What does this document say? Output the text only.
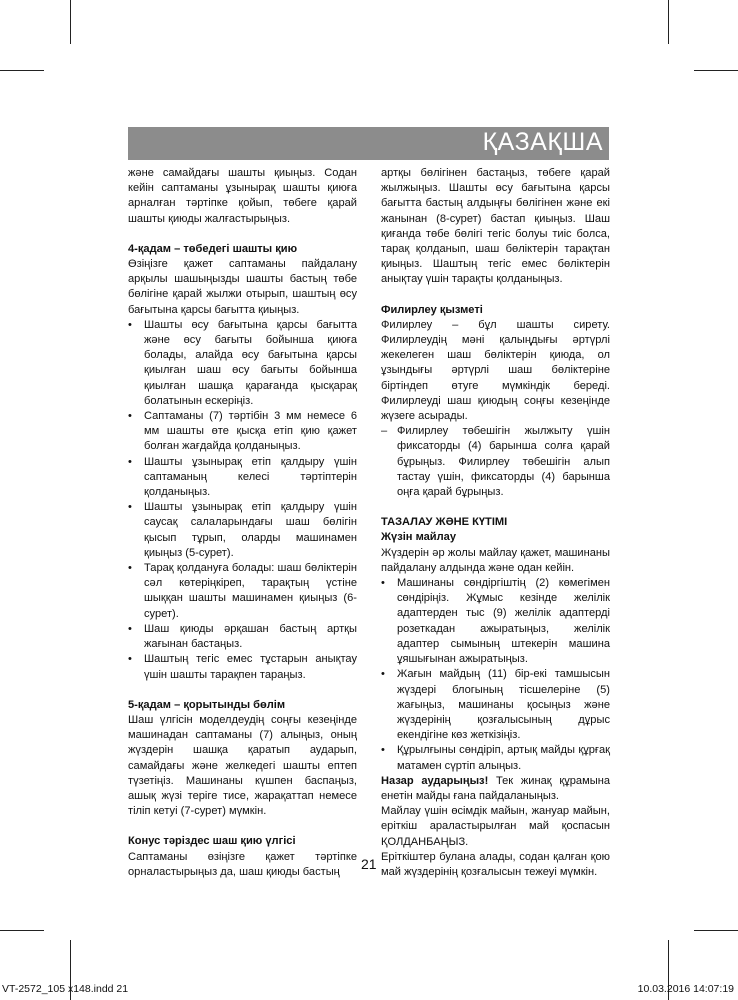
ҚАЗАҚША

және самайдағы шашты қиыңыз. Содан кейін саптаманы ұзынырақ шашты қиюға арналған тәртіпке қойып, төбеге қарай шашты қиюды жалғастырыңыз.

4-қадам – төбедегі шашты қию

Өзіңізге қажет саптаманы пайдалану арқылы шашыңызды шашты бастың төбе бөлігіне қарай жылжи отырып, шаштың өсу бағытына қарсы бағытта қиыңыз.

• Шашты өсу бағытына қарсы бағытта және өсу бағыты бойынша қиюға болады, алайда өсу бағытына қарсы қиылған шаш өсу бағыты бойынша қиылған шашқа қарағанда қысқарақ болатынын ескеріңіз.
• Саптаманы (7) тәртібін 3 мм немесе 6 мм шашты өте қысқа етіп қию қажет болған жағдайда қолданыңыз.
• Шашты ұзынырақ етіп қалдыру үшін саптаманың келесі тәртіптерін қолданыңыз.
• Шашты ұзынырақ етіп қалдыру үшін саусақ салаларындағы шаш бөлігін қысып тұрып, оларды машинамен қиыңыз (5-сурет).
• Тарақ қолдануға болады: шаш бөліктерін сәл көтеріңкіреп, тарақтың үстіне шыққан шашты машинамен қиыңыз (6-сурет).
• Шаш қиюды әрқашан бастың артқы жағынан бастаңыз.
• Шаштың тегіс емес тұстарын анықтау үшін шашты тарақпен тараңыз.

5-қадам – қорытынды бөлім

Шаш үлгісін моделдеудің соңғы кезеңінде машинадан саптаманы (7) алыңыз, оның жүздерін шашқа қаратып аударып, самайдағы және желкедегі шашты ептеп түзетіңіз. Машинаны күшпен баспаңыз, ашық жүзі теріге тисе, жарақаттап немесе тіліп кетуі (7-сурет) мүмкін.

Конус тәріздес шаш қию үлгісі

Саптаманы өзіңізге қажет тәртіпке орналастырыңыз да, шаш қиюды бастың

артқы бөлігінен бастаңыз, төбеге қарай жылжыңыз. Шашты өсу бағытына қарсы бағытта бастың алдыңғы бөлігінен және екі жанынан (8-сурет) бастап қиыңыз. Шаш қиғанда төбе бөлігі тегіс болуы тиіс болса, тарақ қолданып, шаш бөліктерін тарақтан қиыңыз. Шаштың тегіс емес бөліктерін анықтау үшін тарақты қолданыңыз.

Филирлеу қызметі

Филирлеу – бұл шашты сирету. Филирлеудің мәні қалыңдығы әртүрлі жекелеген шаш бөліктерін қиюда, ол ұзындығы әртүрлі шаш бөліктеріне біртіндеп өтуге мүмкіндік береді. Филирлеуді шаш қиюдың соңғы кезеңінде жүзеге асырады.

– Филирлеу төбешігін жылжыту үшін фиксаторды (4) барынша солға қарай бұрыңыз. Филирлеу төбешігін алып тастау үшін, фиксаторды (4) барынша оңға қарай бұрыңыз.

ТАЗАЛАУ ЖӘНЕ КҮТІМІ

Жүзін майлау

Жүздерін әр жолы майлау қажет, машинаны пайдалану алдында және одан кейін.

• Машинаны сөндіргіштің (2) көмегімен сөндіріңіз. Жұмыс кезінде желілік адаптерден тыс (9) желілік адаптерді розеткадан ажыратыңыз, желілік адаптер сымының штекерін машина ұяшығынан ажыратыңыз.
• Жағын майдың (11) бір-екі тамшысын жүздері блогының тісшелеріне (5) жағыңыз, машинаны қосыңыз және жүздерінің қозғалысының дұрыс екендігіне көз жеткізіңіз.
• Құрылғыны сөндіріп, артық майды құрғақ матамен сүртіп алыңыз.

Назар аударыңыз! Тек жинақ құрамына енетін майды ғана пайдаланыңыз.

Майлау үшін өсімдік майын, жануар майын, еріткіш араластырылған май қоспасын ҚОЛДАНБАҢЫЗ.

Еріткіштер булана алады, содан қалған қою май жүздерінің қозғалысын тежеуі мүмкін.

21
VT-2572_105 x148.indd 21	10.03.2016 14:07:19
